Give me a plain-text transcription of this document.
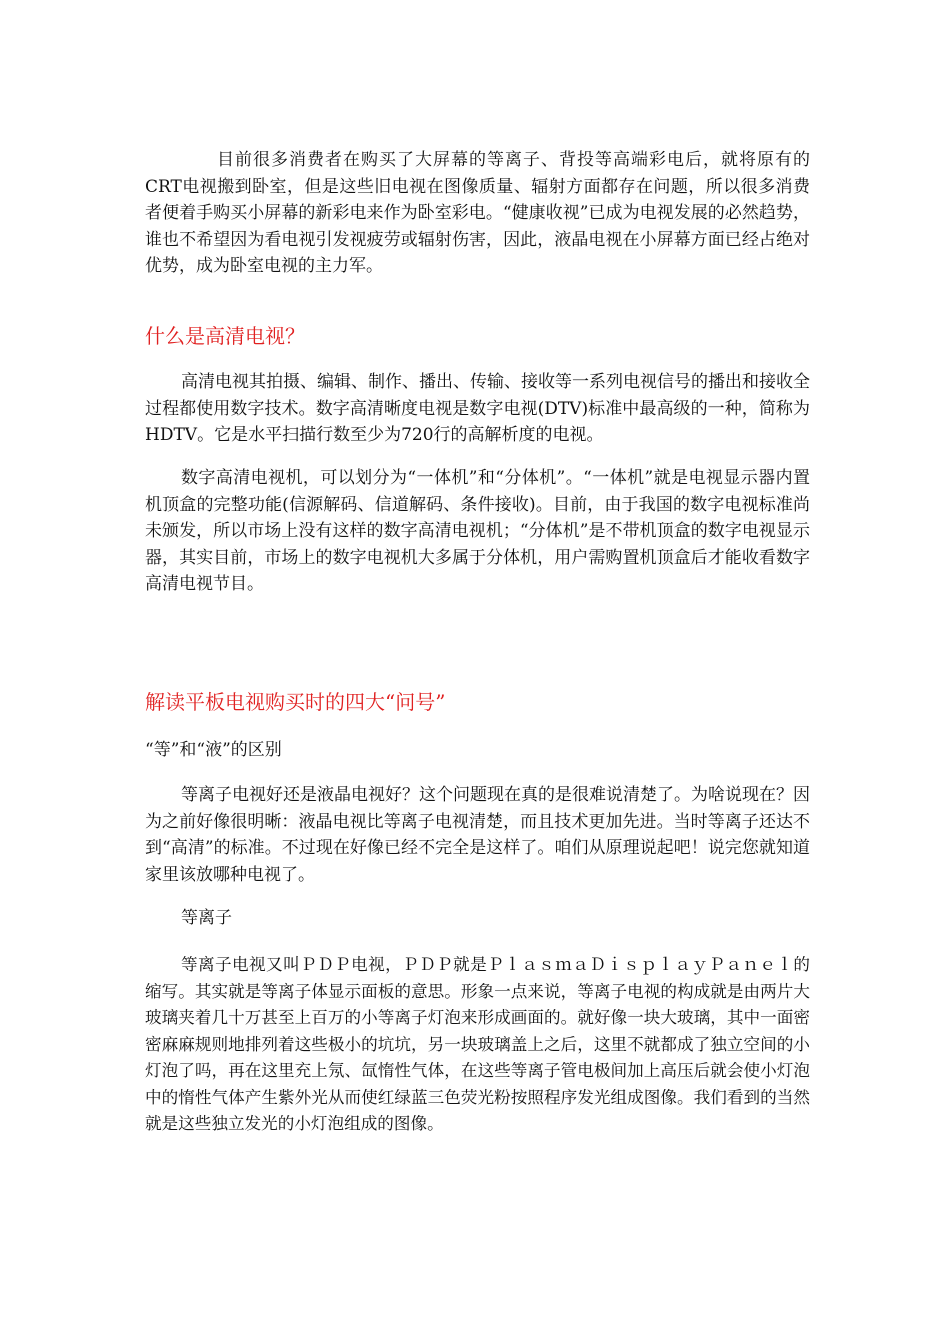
目前很多消费者在购买了大屏幕的等离子、背投等高端彩电后，就将原有的CRT电视搬到卧室，但是这些旧电视在图像质量、辐射方面都存在问题，所以很多消费者便着手购买小屏幕的新彩电来作为卧室彩电。“健康收视”已成为电视发展的必然趋势，谁也不希望因为看电视引发视疲劳或辐射伤害，因此，液晶电视在小屏幕方面已经占绝对优势，成为卧室电视的主力军。

什么是高清电视？

高清电视其拍摄、编辑、制作、播出、传输、接收等一系列电视信号的播出和接收全过程都使用数字技术。数字高清晰度电视是数字电视(DTV)标准中最高级的一种，简称为HDTV。它是水平扫描行数至少为720行的高解析度的电视。

数字高清电视机，可以划分为“一体机”和“分体机”。“一体机”就是电视显示器内置机顶盒的完整功能(信源解码、信道解码、条件接收)。目前，由于我国的数字电视标准尚未颁发，所以市场上没有这样的数字高清电视机；“分体机”是不带机顶盒的数字电视显示器，其实目前，市场上的数字电视机大多属于分体机，用户需购置机顶盒后才能收看数字高清电视节目。

解读平板电视购买时的四大“问号”

“等”和“液”的区别

等离子电视好还是液晶电视好？这个问题现在真的是很难说清楚了。为啥说现在？因为之前好像很明晰：液晶电视比等离子电视清楚，而且技术更加先进。当时等离子还达不到“高清”的标准。不过现在好像已经不完全是这样了。咱们从原理说起吧！说完您就知道家里该放哪种电视了。

等离子

等离子电视又叫ＰＤＰ电视，ＰＤＰ就是ＰｌａｓｍａＤｉｓｐｌａｙＰａｎｅｌ的缩写。其实就是等离子体显示面板的意思。形象一点来说，等离子电视的构成就是由两片大玻璃夹着几十万甚至上百万的小等离子灯泡来形成画面的。就好像一块大玻璃，其中一面密密麻麻规则地排列着这些极小的坑坑，另一块玻璃盖上之后，这里不就都成了独立空间的小灯泡了吗，再在这里充上氖、氙惰性气体，在这些等离子管电极间加上高压后就会使小灯泡中的惰性气体产生紫外光从而使红绿蓝三色荧光粉按照程序发光组成图像。我们看到的当然就是这些独立发光的小灯泡组成的图像。
